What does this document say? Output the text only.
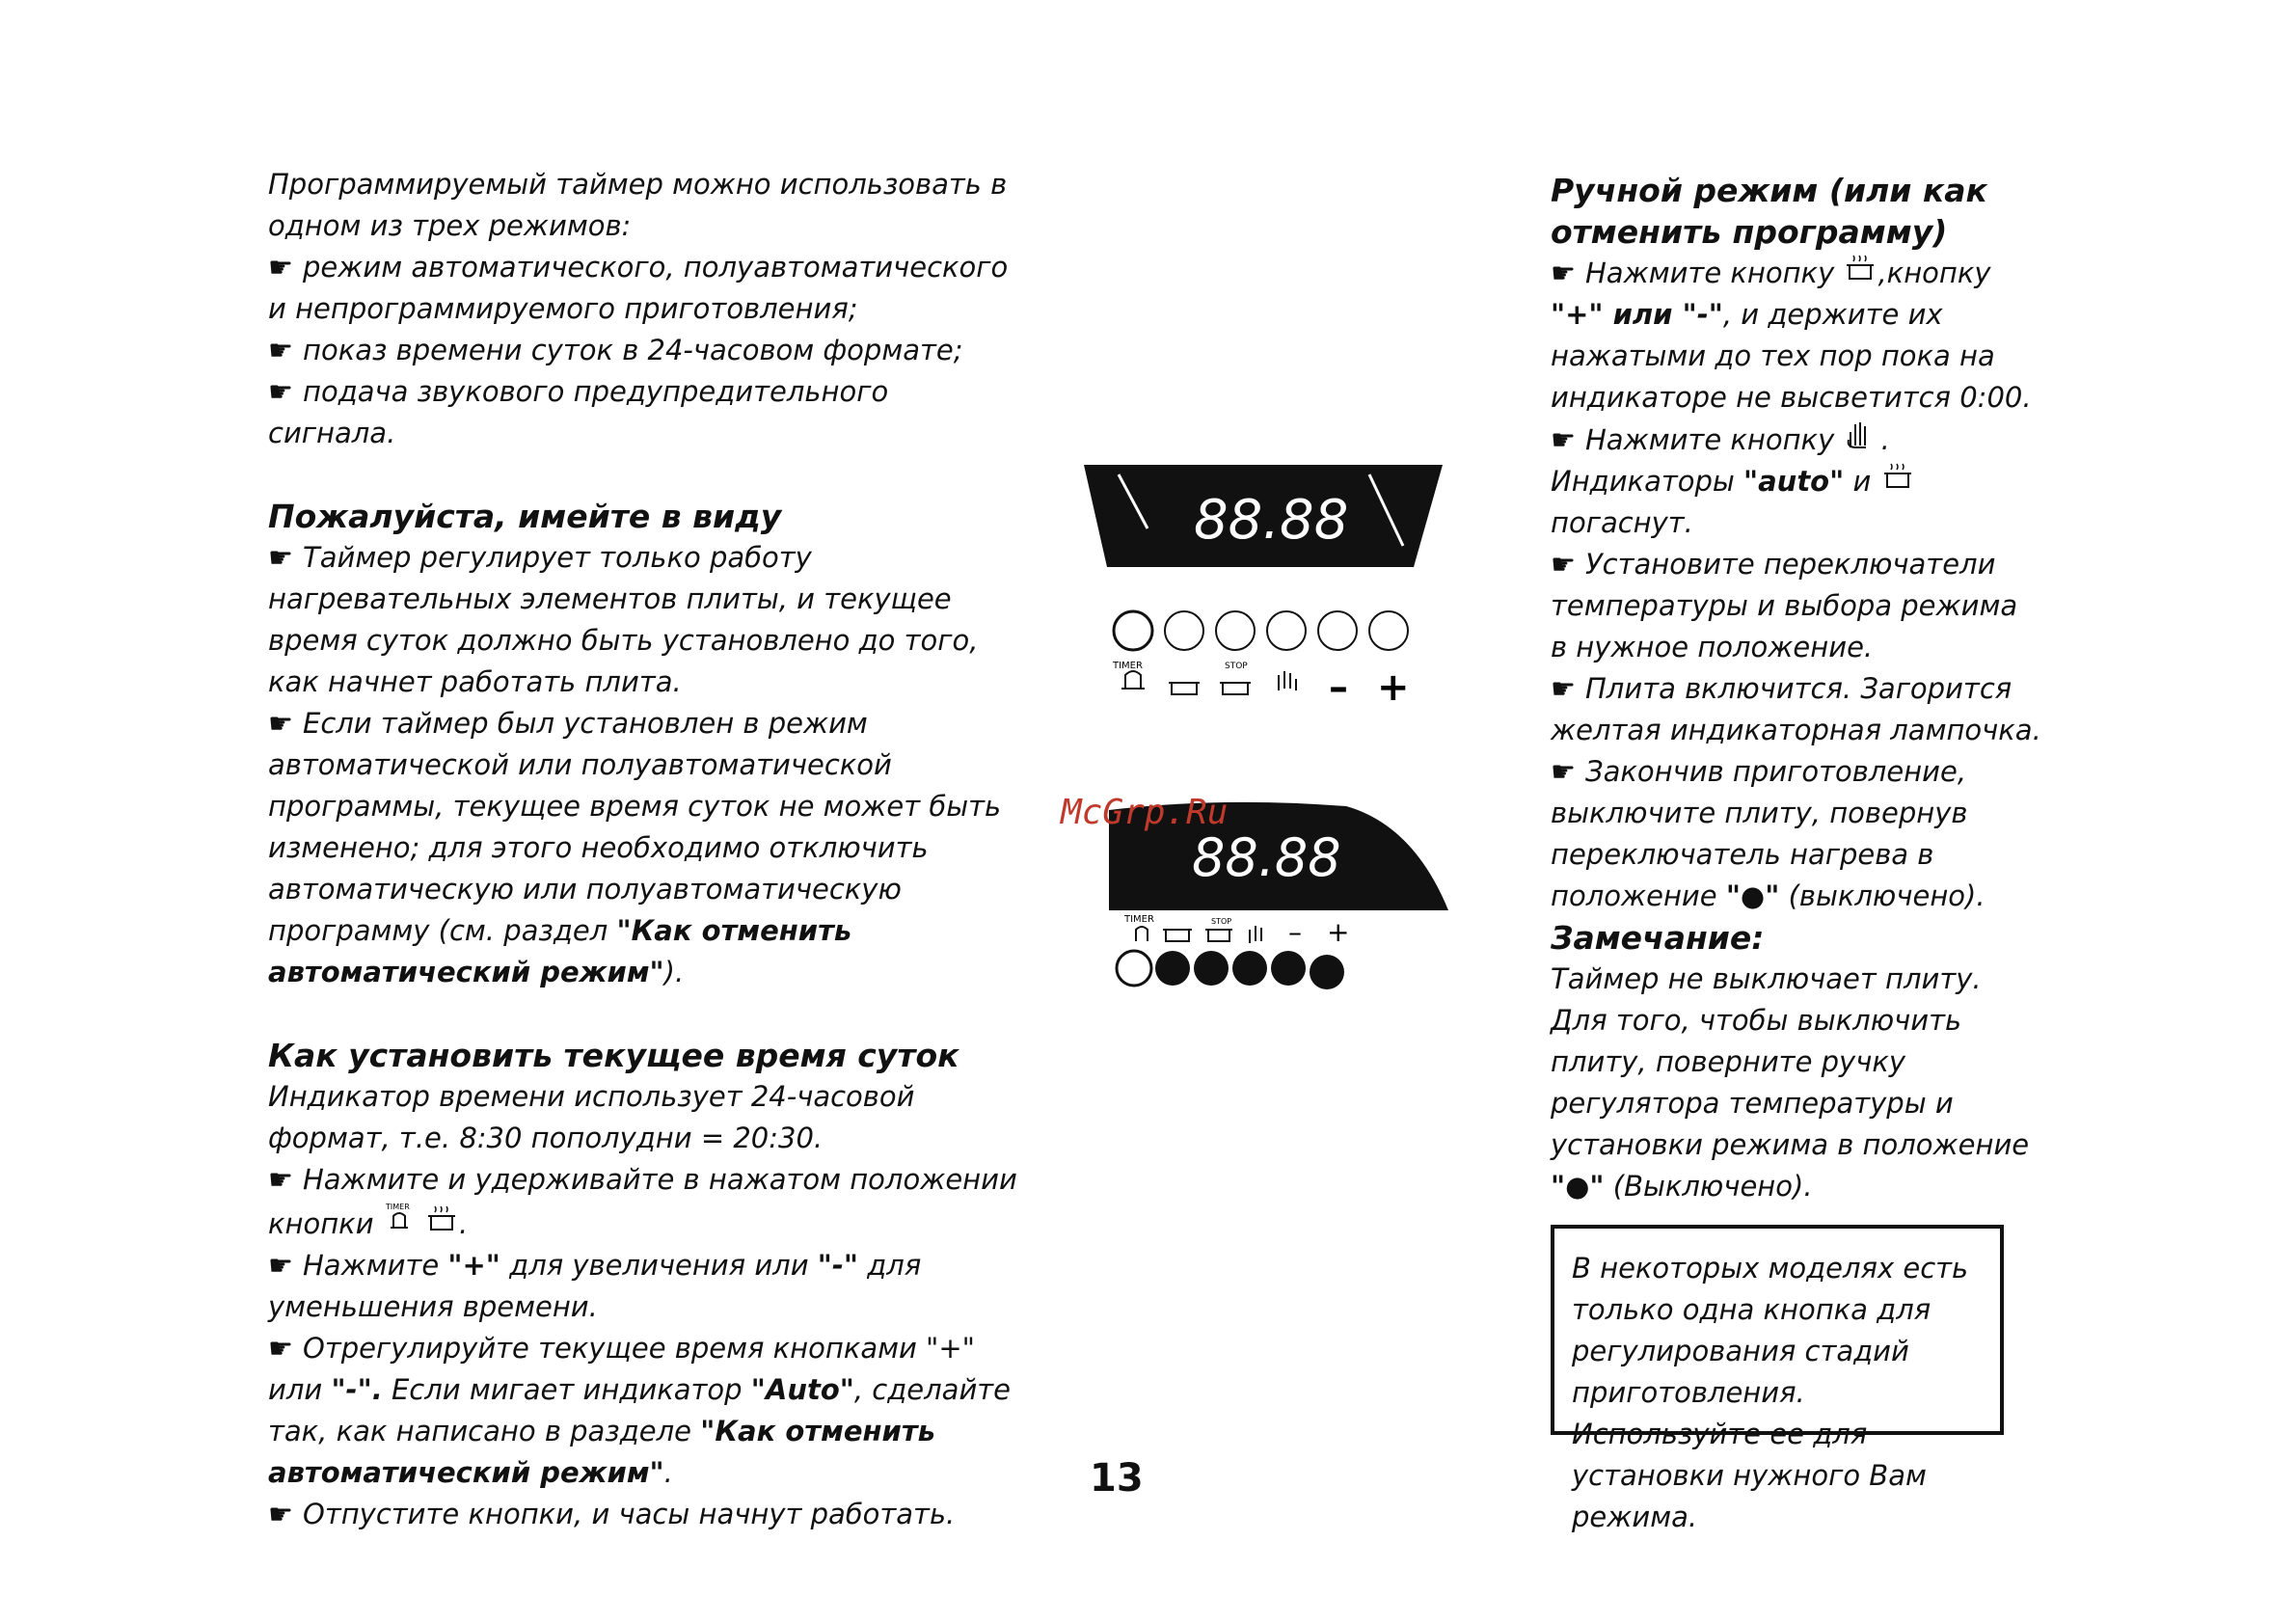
Программируемый таймер можно использовать в одном из трех режимов:

☛ режим автоматического, полуавтоматического и непрограммируемого приготовления;

☛ показ времени суток в 24-часовом формате;

☛ подача звукового предупредительного сигнала.

Пожалуйста, имейте в виду

☛ Таймер регулирует только работу нагревательных элементов плиты, и текущее время суток должно быть установлено до того, как начнет работать плита.

☛ Если таймер был установлен в режим автоматической или полуавтоматической программы, текущее время суток не может быть изменено; для этого необходимо отключить автоматическую или полуавтоматическую программу (см. раздел "Как отменить автоматический режим").

Как установить текущее время суток

Индикатор времени использует 24-часовой формат, т.е. 8:30 пополудни = 20:30.

☛ Нажмите и удерживайте в нажатом положении кнопки
TIMER
.

☛ Нажмите "+" для увеличения или "-" для уменьшения времени.

☛ Отрегулируйте текущее время кнопками "+" или "-". Если мигает индикатор "Auto", сделайте так, как написано в разделе "Как отменить автоматический режим".

☛ Отпустите кнопки, и часы начнут работать.

88.88
TIMER	STOP – +
88.88
TIMER	STOP – +
McGrp.Ru

Ручной режим (или как отменить программу)

☛ Нажмите кнопку ,кнопку "+" или "-", и держите их нажатыми до тех пор пока на индикаторе не высветится 0:00.

☛ Нажмите кнопку  . Индикаторы "auto" и  погаснут.

☛ Установите переключатели температуры и выбора режима в нужное положение.

☛ Плита включится. Загорится желтая индикаторная лампочка.

☛ Закончив приготовление, выключите плиту, повернув переключатель нагрева в положение "●" (выключено).

Замечание:

Таймер не выключает плиту. Для того, чтобы выключить плиту, поверните ручку регулятора температуры и установки режима в положение "●" (Выключено).

В некоторых моделях есть только одна кнопка для регулирования стадий приготовления. Используйте ее для установки нужного Вам режима.
13
